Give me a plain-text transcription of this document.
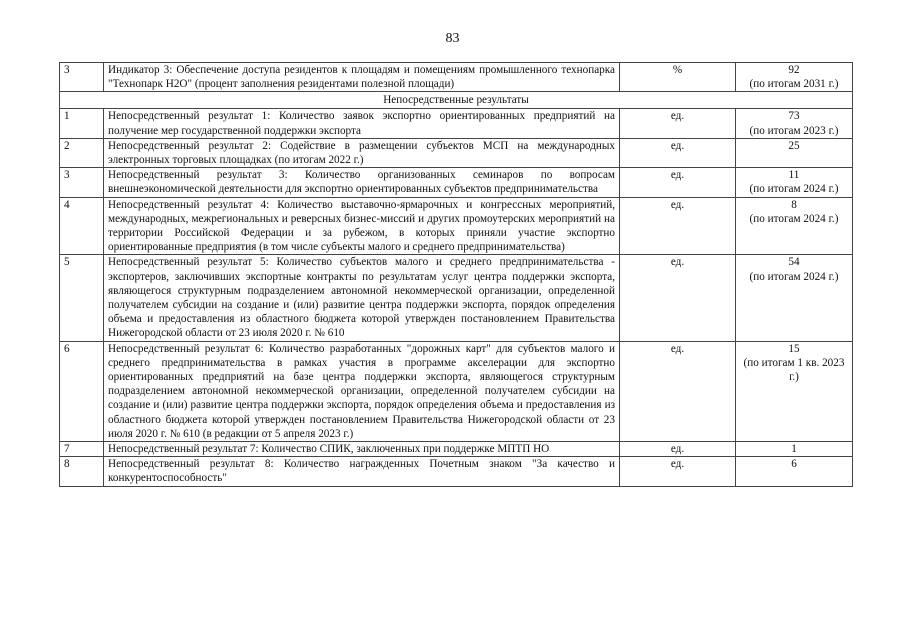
83
3	Индикатор 3: Обеспечение доступа резидентов к площадям и помещениям промышленного технопарка "Технопарк Н2О" (процент заполнения резидентами полезной площади)	%	92
(по итогам 2031 г.)

Непосредственные результаты			
1	Непосредственный результат 1: Количество заявок экспортно ориентированных предприятий на получение мер государственной поддержки экспорта	ед.	73
(по итогам 2023 г.)

2	Непосредственный результат 2: Содействие в размещении субъектов МСП на международных электронных торговых площадках (по итогам 2022 г.)	ед.	25

3	Непосредственный результат 3: Количество организованных семинаров по вопросам внешнеэкономической деятельности для экспортно ориентированных субъектов предпринимательства	ед.	11
(по итогам 2024 г.)

4	Непосредственный результат 4: Количество выставочно-ярмарочных и конгрессных мероприятий, международных, межрегиональных и реверсных бизнес-миссий и других промоутерских мероприятий на территории Российской Федерации и за рубежом, в которых приняли участие экспортно ориентированные предприятия (в том числе субъекты малого и среднего предпринимательства)	ед.	8
(по итогам 2024 г.)

5	Непосредственный результат 5: Количество субъектов малого и среднего предпринимательства - экспортеров, заключивших экспортные контракты по результатам услуг центра поддержки экспорта, являющегося структурным подразделением автономной некоммерческой организации, определенной получателем субсидии на создание и (или) развитие центра поддержки экспорта, порядок определения объема и предоставления из областного бюджета которой утвержден постановлением Правительства Нижегородской области от 23 июля 2020 г. № 610	ед.	54
(по итогам 2024 г.)

6	Непосредственный результат 6: Количество разработанных "дорожных карт" для субъектов малого и среднего предпринимательства в рамках участия в программе акселерации для экспортно ориентированных предприятий на базе центра поддержки экспорта, являющегося структурным подразделением автономной некоммерческой организации, определенной получателем субсидии на создание и (или) развитие центра поддержки экспорта, порядок определения объема и предоставления из областного бюджета которой утвержден постановлением Правительства Нижегородской области от 23 июля 2020 г. № 610 (в редакции от 5 апреля 2023 г.)	ед.	15
(по итогам 1 кв. 2023 г.)

7	Непосредственный результат 7: Количество СПИК, заключенных при поддержке МПТП НО	ед.	1

8	Непосредственный результат 8: Количество награжденных Почетным знаком "За качество и конкурентоспособность"	ед.	6
